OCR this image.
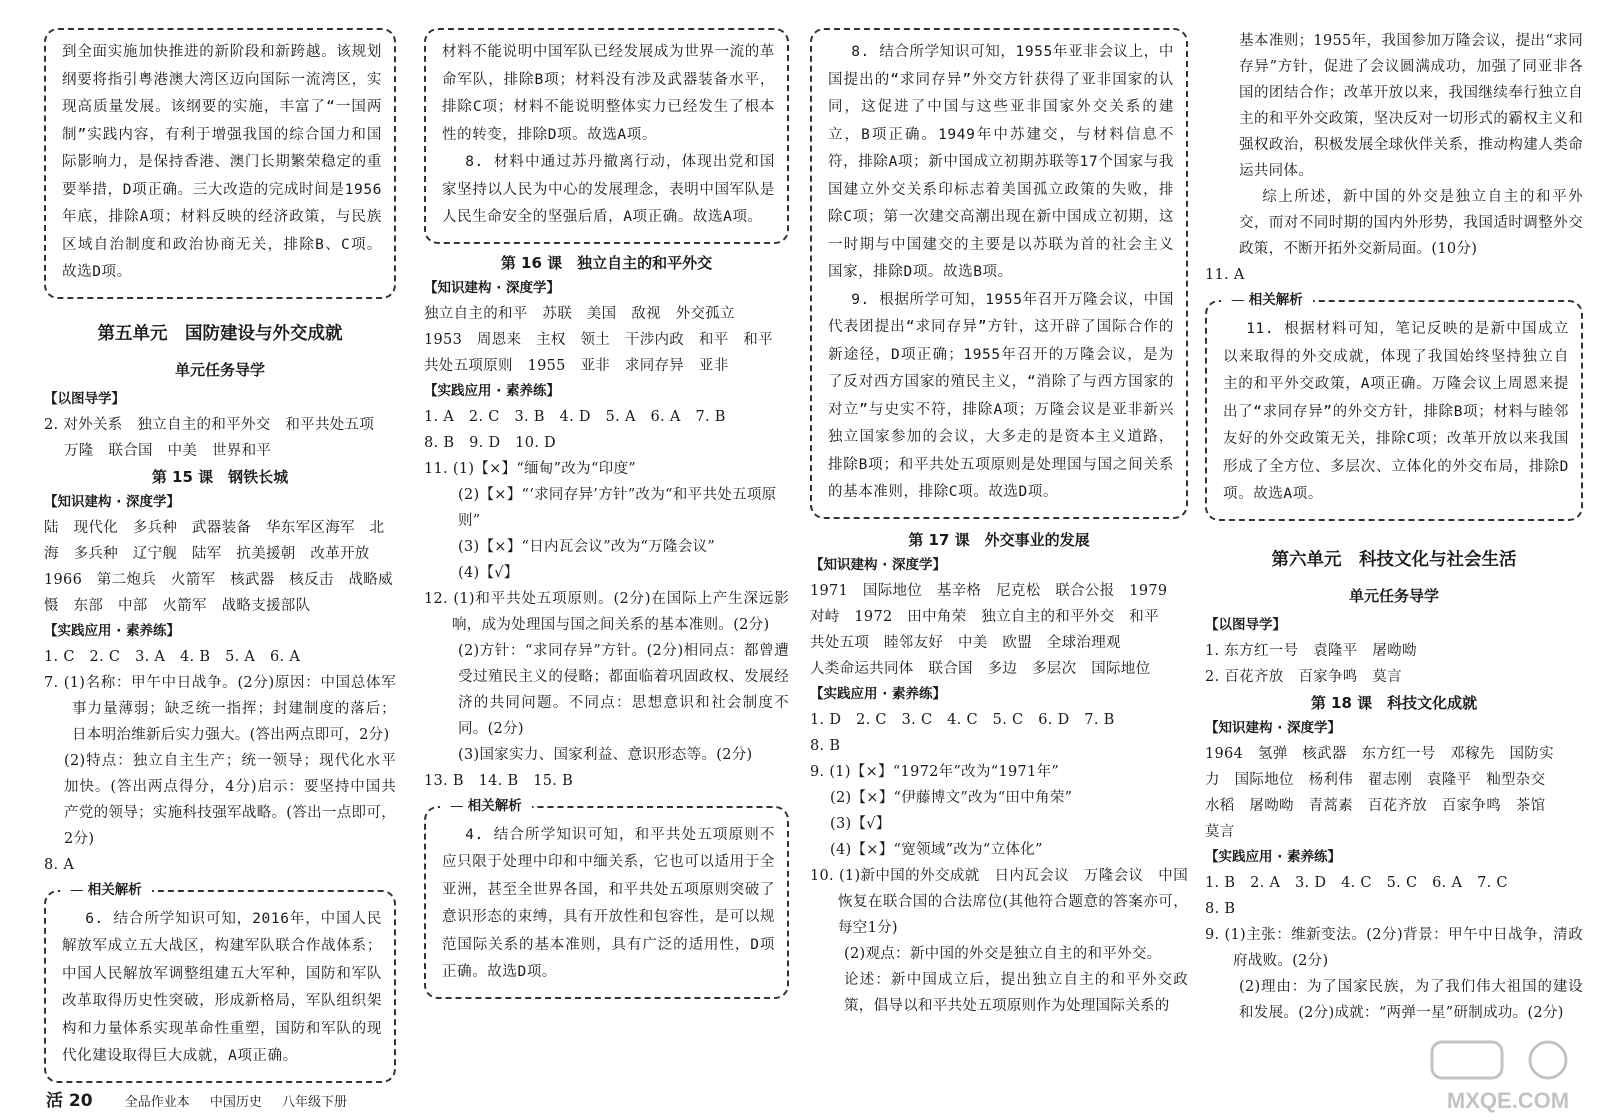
到全面实施加快推进的新阶段和新跨越。该规划纲要将指引粤港澳大湾区迈向国际一流湾区，实现高质量发展。该纲要的实施，丰富了“一国两制”实践内容，有利于增强我国的综合国力和国际影响力，是保持香港、澳门长期繁荣稳定的重要举措，D项正确。三大改造的完成时间是1956年底，排除A项；材料反映的经济政策，与民族区域自治制度和政治协商无关，排除B、C项。故选D项。

第五单元　国防建设与外交成就
单元任务导学

【以图导学】

2. 对外关系　独立自主的和平外交　和平共处五项

万隆　联合国　中美　世界和平

第 15 课　钢铁长城

【知识建构 · 深度学】

陆　现代化　多兵种　武器装备　华东军区海军　北

海　多兵种　辽宁舰　陆军　抗美援朝　改革开放

1966　第二炮兵　火箭军　核武器　核反击　战略威

慑　东部　中部　火箭军　战略支援部队

【实践应用 · 素养练】

1. C　2. C　3. A　4. B　5. A　6. A

7. (1)名称：甲午中日战争。(2分)原因：中国总体军事力量薄弱；缺乏统一指挥；封建制度的落后；日本明治维新后实力强大。(答出两点即可，2分)

(2)特点：独立自主生产；统一领导；现代化水平加快。(答出两点得分，4分)启示：要坚持中国共产党的领导；实施科技强军战略。(答出一点即可，2分)

8. A

— 相关解析

6. 结合所学知识可知，2016年，中国人民解放军成立五大战区，构建军队联合作战体系；中国人民解放军调整组建五大军种，国防和军队改革取得历史性突破，形成新格局，军队组织架构和力量体系实现革命性重塑，国防和军队的现代化建设取得巨大成就，A项正确。

材料不能说明中国军队已经发展成为世界一流的革命军队，排除B项；材料没有涉及武器装备水平，排除C项；材料不能说明整体实力已经发生了根本性的转变，排除D项。故选A项。

8. 材料中通过苏丹撤离行动，体现出党和国家坚持以人民为中心的发展理念，表明中国军队是人民生命安全的坚强后盾，A项正确。故选A项。

第 16 课　独立自主的和平外交

【知识建构 · 深度学】

独立自主的和平　苏联　美国　敌视　外交孤立

1953　周恩来　主权　领土　干涉内政　和平　和平

共处五项原则　1955　亚非　求同存异　亚非

【实践应用 · 素养练】

1. A　2. C　3. B　4. D　5. A　6. A　7. B

8. B　9. D　10. D

11. (1)【×】“缅甸”改为“印度”

(2)【×】“‘求同存异’方针”改为“和平共处五项原则”

(3)【×】“日内瓦会议”改为“万隆会议”

(4)【√】

12. (1)和平共处五项原则。(2分)在国际上产生深远影响，成为处理国与国之间关系的基本准则。(2分)

(2)方针：“求同存异”方针。(2分)相同点：都曾遭受过殖民主义的侵略；都面临着巩固政权、发展经济的共同问题。不同点：思想意识和社会制度不同。(2分)

(3)国家实力、国家利益、意识形态等。(2分)

13. B　14. B　15. B

— 相关解析

4. 结合所学知识可知，和平共处五项原则不应只限于处理中印和中缅关系，它也可以适用于全亚洲，甚至全世界各国，和平共处五项原则突破了意识形态的束缚，具有开放性和包容性，是可以规范国际关系的基本准则，具有广泛的适用性，D项正确。故选D项。

8. 结合所学知识可知，1955年亚非会议上，中国提出的“求同存异”外交方针获得了亚非国家的认同，这促进了中国与这些亚非国家外交关系的建立，B项正确。1949年中苏建交，与材料信息不符，排除A项；新中国成立初期苏联等17个国家与我国建立外交关系印标志着美国孤立政策的失败，排除C项；第一次建交高潮出现在新中国成立初期，这一时期与中国建交的主要是以苏联为首的社会主义国家，排除D项。故选B项。

9. 根据所学可知，1955年召开万隆会议，中国代表团提出“求同存异”方针，这开辟了国际合作的新途径，D项正确；1955年召开的万隆会议，是为了反对西方国家的殖民主义，“消除了与西方国家的对立”与史实不符，排除A项；万隆会议是亚非新兴独立国家参加的会议，大多走的是资本主义道路，排除B项；和平共处五项原则是处理国与国之间关系的基本准则，排除C项。故选D项。

第 17 课　外交事业的发展

【知识建构 · 深度学】

1971　国际地位　基辛格　尼克松　联合公报　1979

对峙　1972　田中角荣　独立自主的和平外交　和平

共处五项　睦邻友好　中美　欧盟　全球治理观

人类命运共同体　联合国　多边　多层次　国际地位

【实践应用 · 素养练】

1. D　2. C　3. C　4. C　5. C　6. D　7. B

8. B

9. (1)【×】“1972年”改为“1971年”

(2)【×】“伊藤博文”改为“田中角荣”

(3)【√】

(4)【×】“宽领域”改为“立体化”

10. (1)新中国的外交成就　日内瓦会议　万隆会议　中国恢复在联合国的合法席位(其他符合题意的答案亦可，每空1分)

(2)观点：新中国的外交是独立自主的和平外交。

论述：新中国成立后，提出独立自主的和平外交政策，倡导以和平共处五项原则作为处理国际关系的

基本准则；1955年，我国参加万隆会议，提出“求同存异”方针，促进了会议圆满成功，加强了同亚非各国的团结合作；改革开放以来，我国继续奉行独立自主的和平外交政策，坚决反对一切形式的霸权主义和强权政治，积极发展全球伙伴关系，推动构建人类命运共同体。

综上所述，新中国的外交是独立自主的和平外交，而对不同时期的国内外形势，我国适时调整外交政策，不断开拓外交新局面。(10分)

11. A

— 相关解析

11. 根据材料可知，笔记反映的是新中国成立以来取得的外交成就，体现了我国始终坚持独立自主的和平外交政策，A项正确。万隆会议上周恩来提出了“求同存异”的外交方针，排除B项；材料与睦邻友好的外交政策无关，排除C项；改革开放以来我国形成了全方位、多层次、立体化的外交布局，排除D项。故选A项。

第六单元　科技文化与社会生活
单元任务导学

【以图导学】

1. 东方红一号　袁隆平　屠呦呦

2. 百花齐放　百家争鸣　莫言

第 18 课　科技文化成就

【知识建构 · 深度学】

1964　氢弹　核武器　东方红一号　邓稼先　国防实

力　国际地位　杨利伟　翟志刚　袁隆平　籼型杂交

水稻　屠呦呦　青蒿素　百花齐放　百家争鸣　茶馆

莫言

【实践应用 · 素养练】

1. B　2. A　3. D　4. C　5. C　6. A　7. C

8. B

9. (1)主张：维新变法。(2分)背景：甲午中日战争，清政府战败。(2分)

(2)理由：为了国家民族，为了我们伟大祖国的建设和发展。(2分)成就：“两弹一星”研制成功。(2分)

活 20 全品作业本 中国历史 八年级下册	MXQE.COM
